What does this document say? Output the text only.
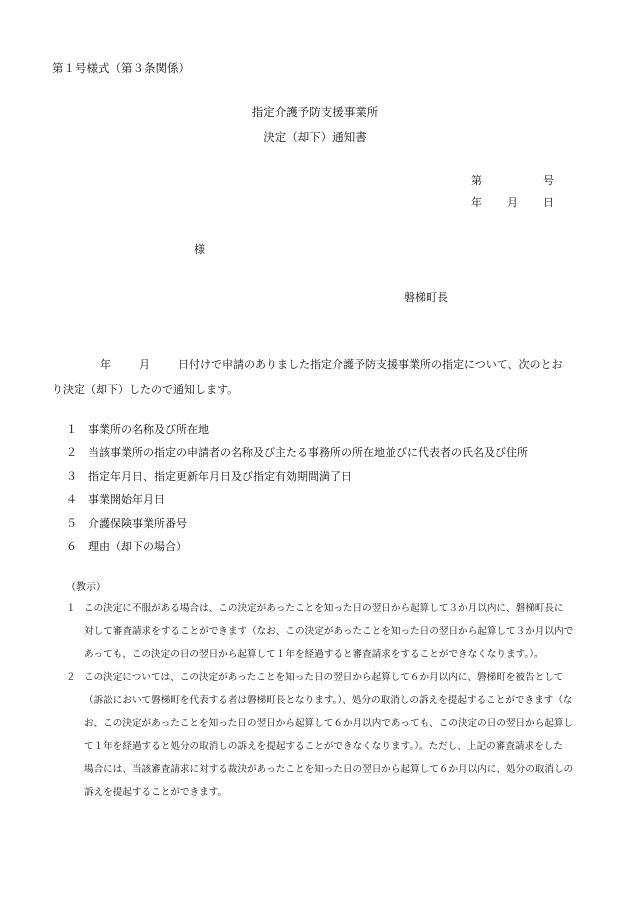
第１号様式（第３条関係）
指定介護予防支援事業所
決定（却下）通知書
第	号
年 月 日
様
磐梯町長
年	月	日付けで申請のありました指定介護予防支援事業所の指定について、次のとお
り決定（却下）したので通知します。
１ 事業所の名称及び所在地
２ 当該事業所の指定の申請者の名称及び主たる事務所の所在地並びに代表者の氏名及び住所
３ 指定年月日、指定更新年月日及び指定有効期間満了日
４ 事業開始年月日
５ 介護保険事業所番号
６ 理由（却下の場合）
（教示）
１ この決定に不服がある場合は、この決定があったことを知った日の翌日から起算して３か月以内に、磐梯町長に
対して審査請求をすることができます（なお、この決定があったことを知った日の翌日から起算して３か月以内で
あっても、この決定の日の翌日から起算して１年を経過すると審査請求をすることができなくなります。）。
２ この決定については、この決定があったことを知った日の翌日から起算して６か月以内に、磐梯町を被告として
（訴訟において磐梯町を代表する者は磐梯町長となります。）、処分の取消しの訴えを提起することができます（な
お、この決定があったことを知った日の翌日から起算して６か月以内であっても、この決定の日の翌日から起算し
て１年を経過すると処分の取消しの訴えを提起することができなくなります。）。ただし、上記の審査請求をした
場合には、当該審査請求に対する裁決があったことを知った日の翌日から起算して６か月以内に、処分の取消しの
訴えを提起することができます。
